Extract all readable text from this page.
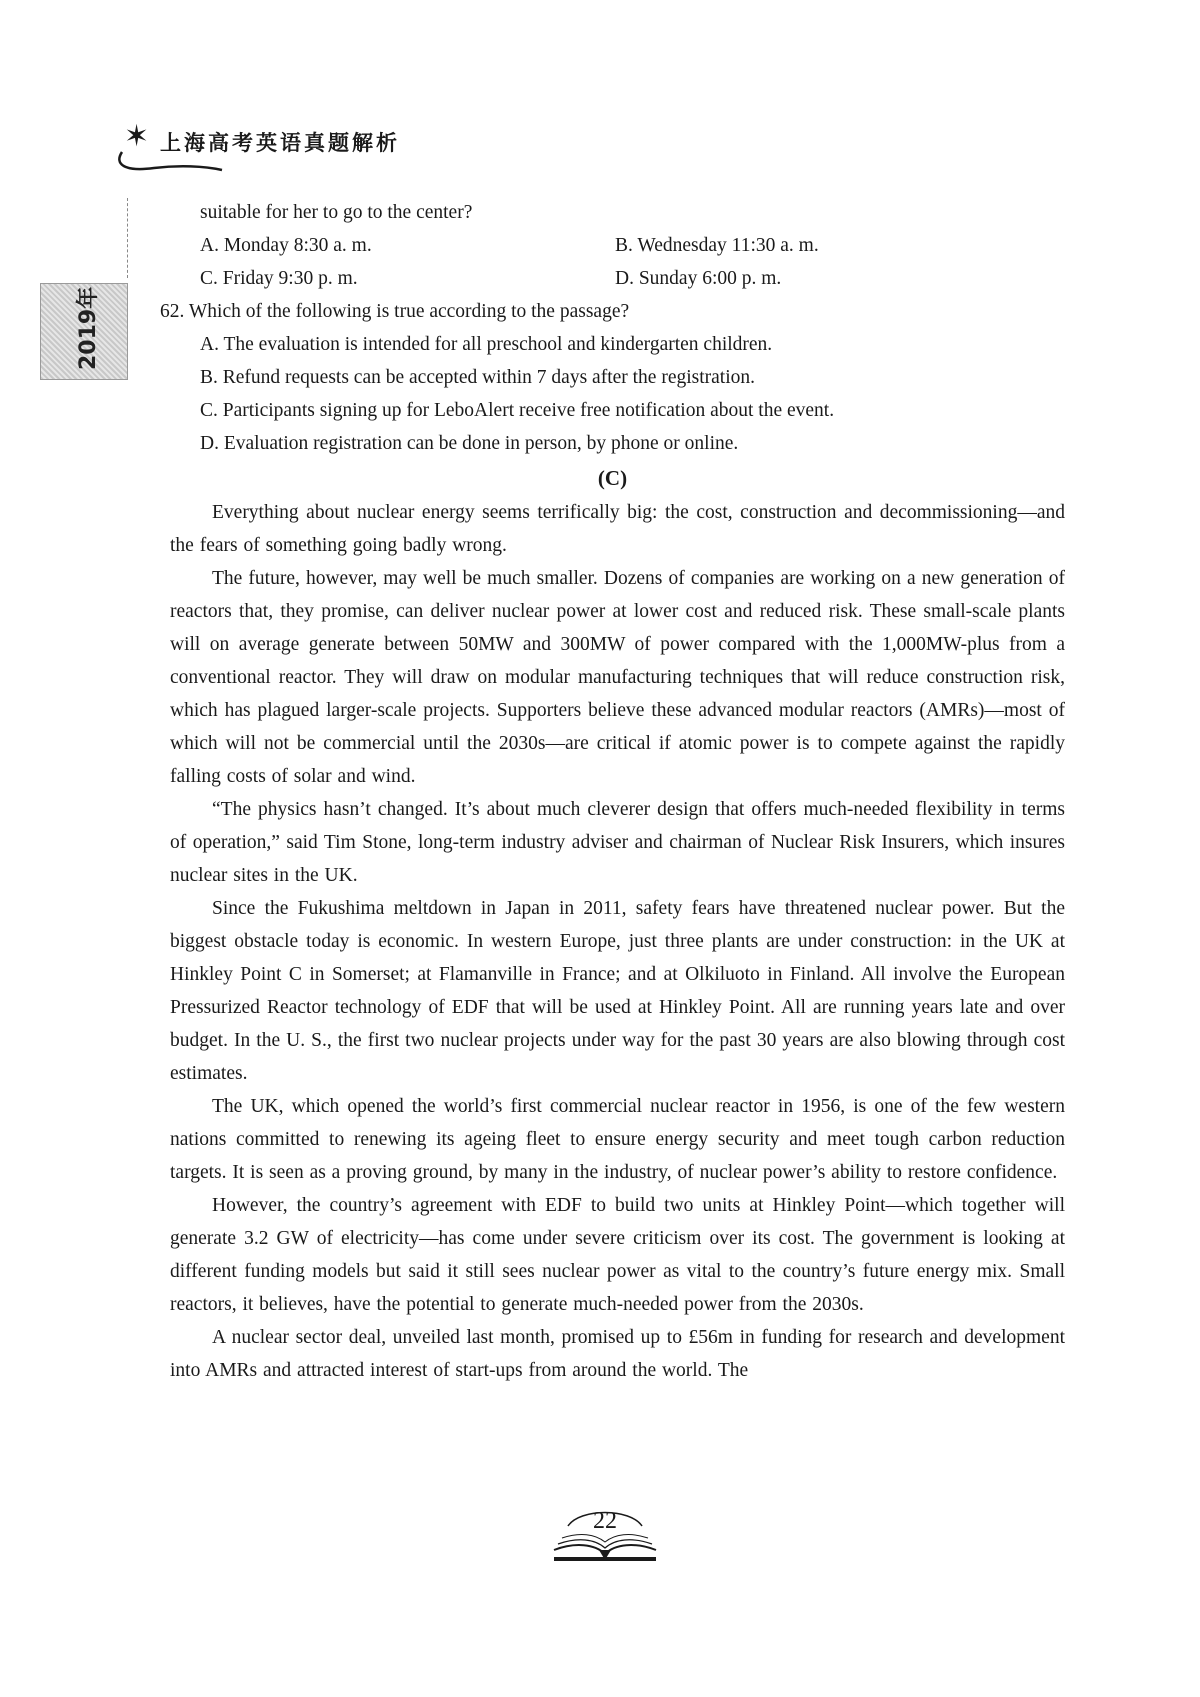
✶ 上海高考英语真题解析
2019年
suitable for her to go to the center?
A. Monday 8:30 a. m.	B. Wednesday 11:30 a. m.
C. Friday 9:30 p. m.	D. Sunday 6:00 p. m.
62. Which of the following is true according to the passage?
A. The evaluation is intended for all preschool and kindergarten children.
B. Refund requests can be accepted within 7 days after the registration.
C. Participants signing up for LeboAlert receive free notification about the event.
D. Evaluation registration can be done in person, by phone or online.
(C)

Everything about nuclear energy seems terrifically big: the cost, construction and decommissioning—and the fears of something going badly wrong.

The future, however, may well be much smaller. Dozens of companies are working on a new generation of reactors that, they promise, can deliver nuclear power at lower cost and reduced risk. These small-scale plants will on average generate between 50MW and 300MW of power compared with the 1,000MW-plus from a conventional reactor. They will draw on modular manufacturing techniques that will reduce construction risk, which has plagued larger-scale projects. Supporters believe these advanced modular reactors (AMRs)—most of which will not be commercial until the 2030s—are critical if atomic power is to compete against the rapidly falling costs of solar and wind.

“The physics hasn’t changed. It’s about much cleverer design that offers much-needed flexibility in terms of operation,” said Tim Stone, long-term industry adviser and chairman of Nuclear Risk Insurers, which insures nuclear sites in the UK.

Since the Fukushima meltdown in Japan in 2011, safety fears have threatened nuclear power. But the biggest obstacle today is economic. In western Europe, just three plants are under construction: in the UK at Hinkley Point C in Somerset; at Flamanville in France; and at Olkiluoto in Finland. All involve the European Pressurized Reactor technology of EDF that will be used at Hinkley Point. All are running years late and over budget. In the U. S., the first two nuclear projects under way for the past 30 years are also blowing through cost estimates.

The UK, which opened the world’s first commercial nuclear reactor in 1956, is one of the few western nations committed to renewing its ageing fleet to ensure energy security and meet tough carbon reduction targets. It is seen as a proving ground, by many in the industry, of nuclear power’s ability to restore confidence.

However, the country’s agreement with EDF to build two units at Hinkley Point—which together will generate 3.2 GW of electricity—has come under severe criticism over its cost. The government is looking at different funding models but said it still sees nuclear power as vital to the country’s future energy mix. Small reactors, it believes, have the potential to generate much-needed power from the 2030s.

A nuclear sector deal, unveiled last month, promised up to £56m in funding for research and development into AMRs and attracted interest of start-ups from around the world. The

22
